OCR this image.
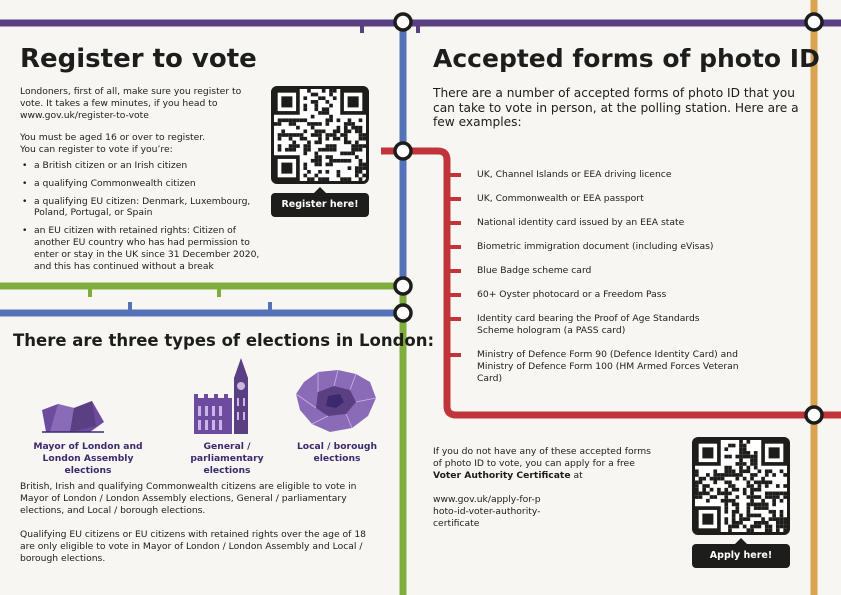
Register to vote
Londoners, first of all, make sure you register to vote. It takes a few minutes, if you head to www.gov.uk/register-to-vote
You must be aged 16 or over to register.
You can register to vote if you’re:
• a British citizen or an Irish citizen
• a qualifying Commonwealth citizen
• a qualifying EU citizen: Denmark, Luxembourg, Poland, Portugal, or Spain
• an EU citizen with retained rights: Citizen of another EU country who has had permission to enter or stay in the UK since 31 December 2020, and this has continued without a break
Register here!
There are three types of elections in London:
Mayor of London and London Assembly elections
General / parliamentary elections
Local / borough elections
British, Irish and qualifying Commonwealth citizens are eligible to vote in Mayor of London / London Assembly elections, General / parliamentary elections, and Local / borough elections.
Qualifying EU citizens or EU citizens with retained rights over the age of 18 are only eligible to vote in Mayor of London / London Assembly and Local / borough elections.
Accepted forms of photo ID
There are a number of accepted forms of photo ID that you can take to vote in person, at the polling station. Here are a few examples:
UK, Channel Islands or EEA driving licence
UK, Commonwealth or EEA passport
National identity card issued by an EEA state
Biometric immigration document (including eVisas)
Blue Badge scheme card
60+ Oyster photocard or a Freedom Pass
Identity card bearing the Proof of Age Standards Scheme hologram (a PASS card)
Ministry of Defence Form 90 (Defence Identity Card) and Ministry of Defence Form 100 (HM Armed Forces Veteran Card)
If you do not have any of these accepted forms of photo ID to vote, you can apply for a free Voter Authority Certificate at
www.gov.uk/apply-for-photo-id-voter-authority-certificate
Apply here!
